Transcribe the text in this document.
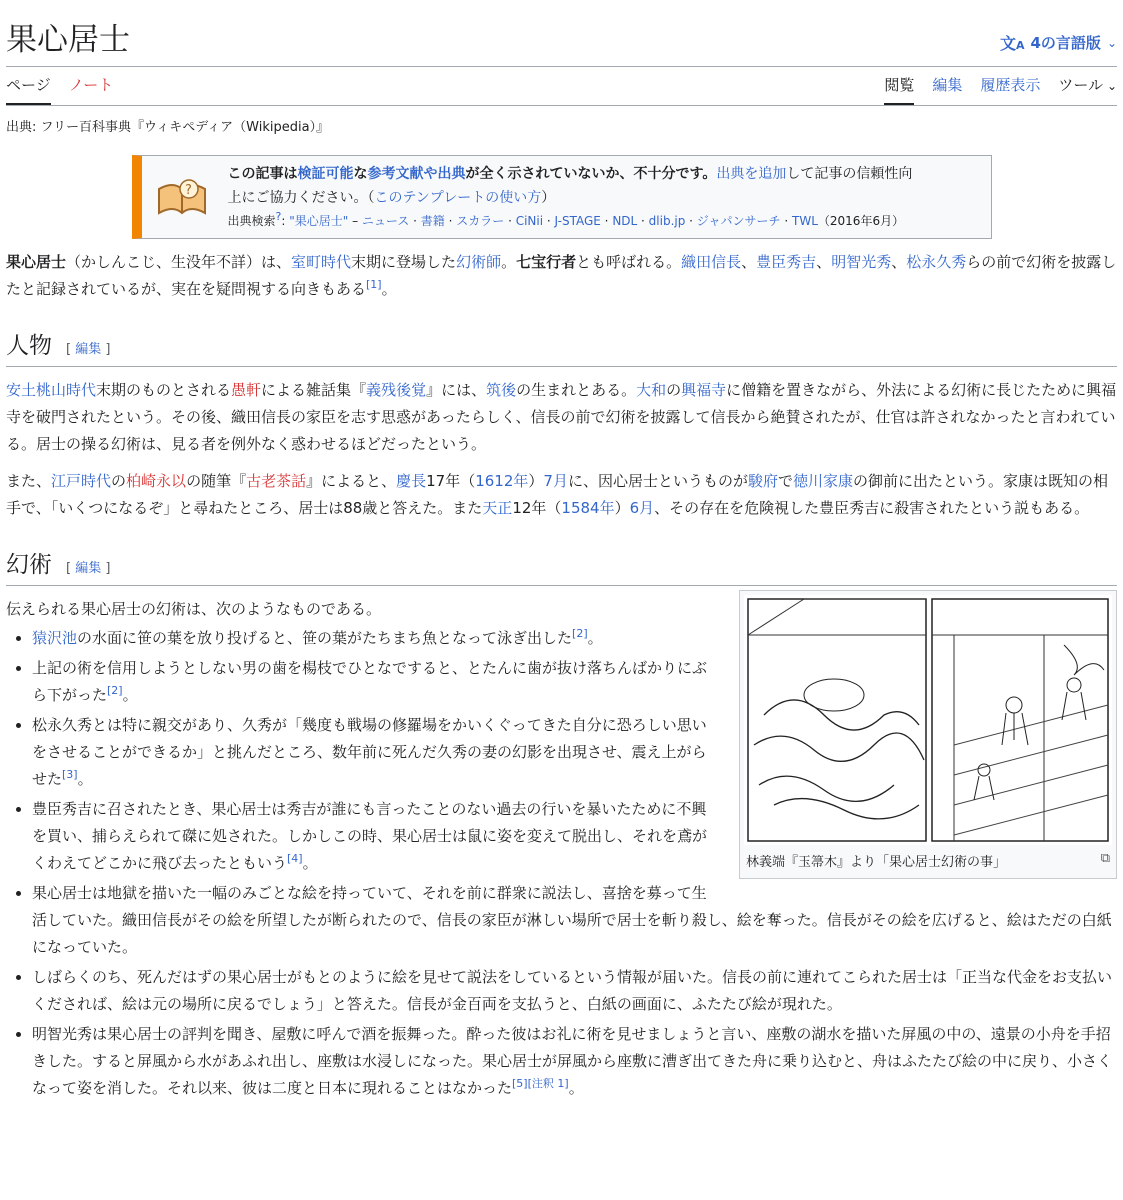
果心居士	文A 4の言語版 ⌄
ページ ノート	閲覧 編集 履歴表示 ツール ⌄
出典: フリー百科事典『ウィキペディア（Wikipedia）』
?
この記事は検証可能な参考文献や出典が全く示されていないか、不十分です。出典を追加して記事の信頼性向
上にご協力ください。（このテンプレートの使い方）
出典検索?: "果心居士" – ニュース · 書籍 · スカラー · CiNii · J-STAGE · NDL · dlib.jp · ジャパンサーチ · TWL（2016年6月）

果心居士（かしんこじ、生没年不詳）は、室町時代末期に登場した幻術師。七宝行者とも呼ばれる。織田信長、豊臣秀吉、明智光秀、松永久秀らの前で幻術を披露したと記録されているが、実在を疑問視する向きもある[1]。

人物 [ 編集 ]

安土桃山時代末期のものとされる愚軒による雑話集『義残後覚』には、筑後の生まれとある。大和の興福寺に僧籍を置きながら、外法による幻術に長じたために興福寺を破門されたという。その後、織田信長の家臣を志す思惑があったらしく、信長の前で幻術を披露して信長から絶賛されたが、仕官は許されなかったと言われている。居士の操る幻術は、見る者を例外なく惑わせるほどだったという。

また、江戸時代の柏崎永以の随筆『古老茶話』によると、慶長17年（1612年）7月に、因心居士というものが駿府で徳川家康の御前に出たという。家康は既知の相手で、「いくつになるぞ」と尋ねたところ、居士は88歳と答えた。また天正12年（1584年）6月、その存在を危険視した豊臣秀吉に殺害されたという説もある。

幻術 [ 編集 ]
林義端『玉箒木』より「果心居士幻術の事」	⧉

伝えられる果心居士の幻術は、次のようなものである。

• 猿沢池の水面に笹の葉を放り投げると、笹の葉がたちまち魚となって泳ぎ出した[2]。
• 上記の術を信用しようとしない男の歯を楊枝でひとなですると、とたんに歯が抜け落ちんばかりにぶら下がった[2]。
• 松永久秀とは特に親交があり、久秀が「幾度も戦場の修羅場をかいくぐってきた自分に恐ろしい思いをさせることができるか」と挑んだところ、数年前に死んだ久秀の妻の幻影を出現させ、震え上がらせた[3]。
• 豊臣秀吉に召されたとき、果心居士は秀吉が誰にも言ったことのない過去の行いを暴いたために不興を買い、捕らえられて磔に処された。しかしこの時、果心居士は鼠に姿を変えて脱出し、それを鳶がくわえてどこかに飛び去ったともいう[4]。
• 果心居士は地獄を描いた一幅のみごとな絵を持っていて、それを前に群衆に説法し、喜捨を募って生活していた。織田信長がその絵を所望したが断られたので、信長の家臣が淋しい場所で居士を斬り殺し、絵を奪った。信長がその絵を広げると、絵はただの白紙になっていた。
• しばらくのち、死んだはずの果心居士がもとのように絵を見せて説法をしているという情報が届いた。信長の前に連れてこられた居士は「正当な代金をお支払いくだされば、絵は元の場所に戻るでしょう」と答えた。信長が金百両を支払うと、白紙の画面に、ふたたび絵が現れた。
• 明智光秀は果心居士の評判を聞き、屋敷に呼んで酒を振舞った。酔った彼はお礼に術を見せましょうと言い、座敷の湖水を描いた屏風の中の、遠景の小舟を手招きした。すると屏風から水があふれ出し、座敷は水浸しになった。果心居士が屏風から座敷に漕ぎ出てきた舟に乗り込むと、舟はふたたび絵の中に戻り、小さくなって姿を消した。それ以来、彼は二度と日本に現れることはなかった[5][注釈 1]。
